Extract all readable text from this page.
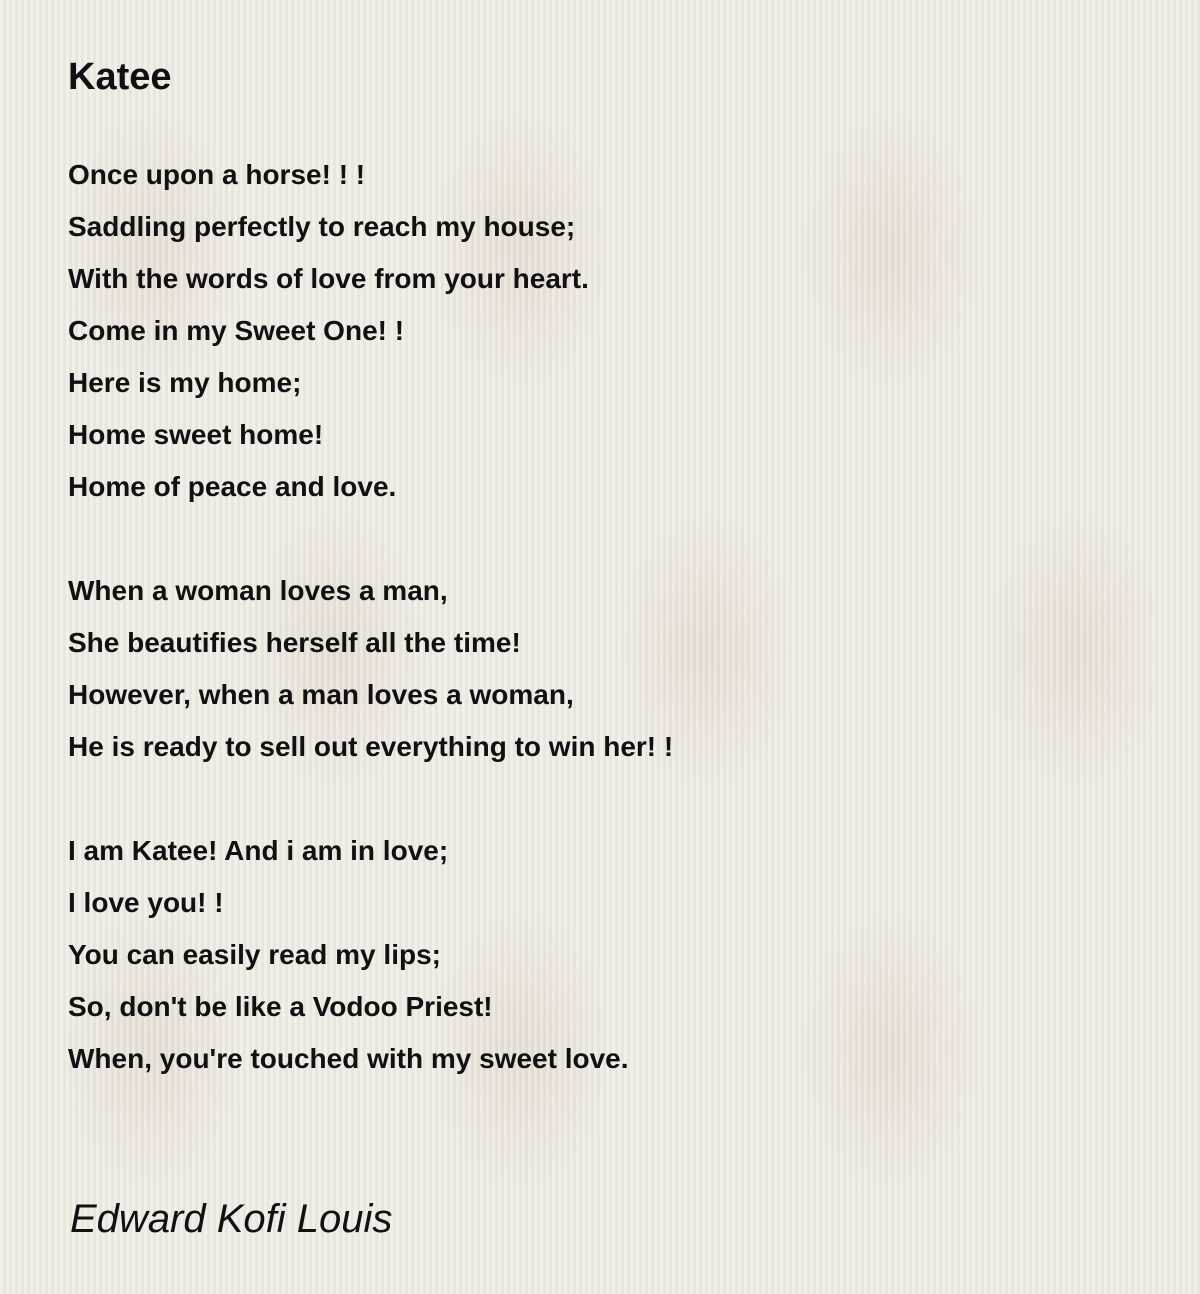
Katee
Once upon a horse! ! !
Saddling perfectly to reach my house;
With the words of love from your heart.
Come in my Sweet One! !
Here is my home;
Home sweet home!
Home of peace and love.
When a woman loves a man,
She beautifies herself all the time!
However, when a man loves a woman,
He is ready to sell out everything to win her! !
I am Katee! And i am in love;
I love you! !
You can easily read my lips;
So, don't be like a Vodoo Priest!
When, you're touched with my sweet love.
Edward Kofi Louis
